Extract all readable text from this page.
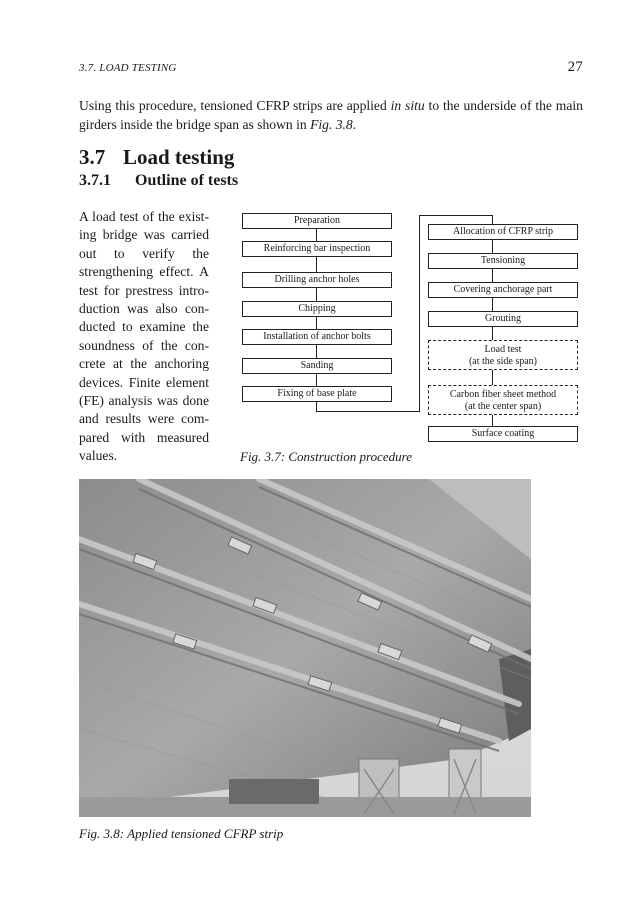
3.7. LOAD TESTING	27

Using this procedure, tensioned CFRP strips are applied in situ to the underside of the main girders inside the bridge span as shown in Fig. 3.8.

3.7 Load testing
3.7.1 Outline of tests
A load test of the existing bridge was carried out to verify the strengthening effect. A test for prestress introduction was also conducted to examine the soundness of the concrete at the anchoring devices. Finite element (FE) analysis was done and results were compared with measured values.
Preparation
Reinforcing bar inspection
Drilling anchor holes
Chipping
Installation of anchor bolts
Sanding
Fixing of base plate
Allocation of CFRP strip
Tensioning
Covering anchorage part
Grouting
Load test
(at the side span)
Carbon fiber sheet method
(at the center span)
Surface coating
Fig. 3.7: Construction procedure
Fig. 3.8: Applied tensioned CFRP strip
